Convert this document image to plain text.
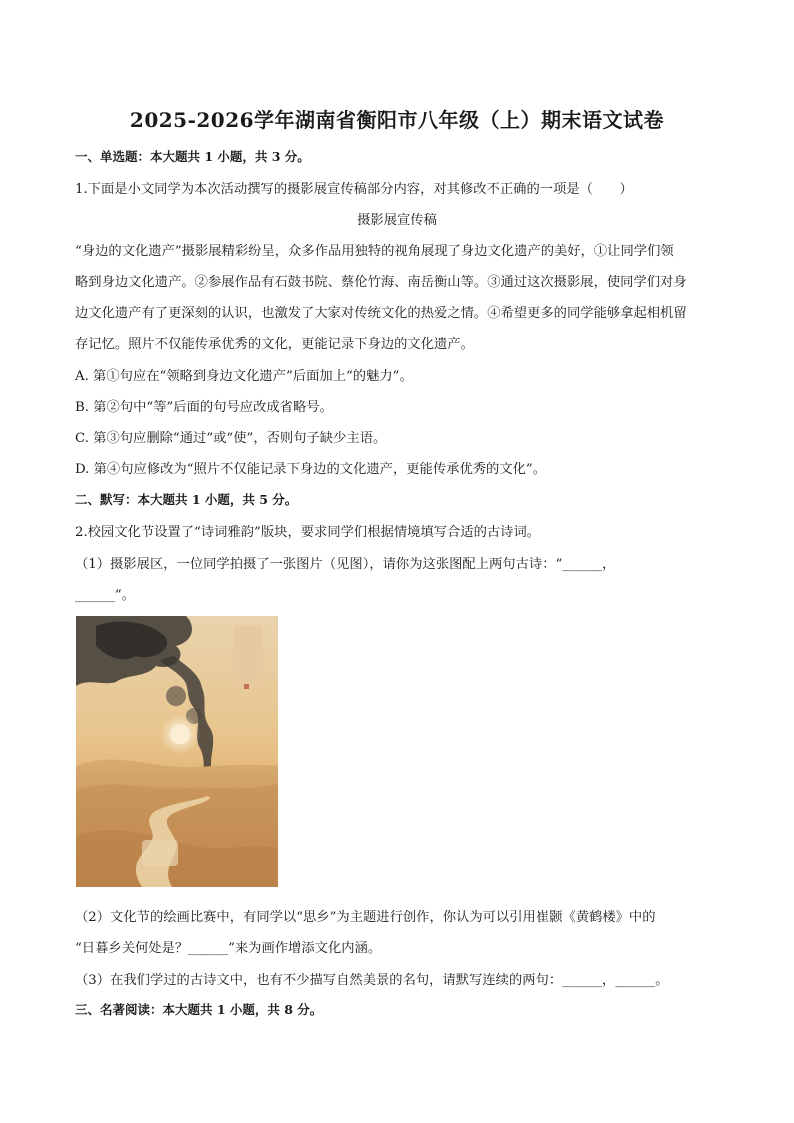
2025-2026学年湖南省衡阳市八年级（上）期末语文试卷
一、单选题：本大题共 1 小题，共 3 分。
1.下面是小文同学为本次活动撰写的摄影展宣传稿部分内容，对其修改不正确的一项是（　　）
摄影展宣传稿
“身边的文化遗产”摄影展精彩纷呈，众多作品用独特的视角展现了身边文化遗产的美好，①让同学们领
略到身边文化遗产。②参展作品有石鼓书院、蔡伦竹海、南岳衡山等。③通过这次摄影展，使同学们对身
边文化遗产有了更深刻的认识，也激发了大家对传统文化的热爱之情。④希望更多的同学能够拿起相机留
存记忆。照片不仅能传承优秀的文化，更能记录下身边的文化遗产。
A. 第①句应在“领略到身边文化遗产”后面加上“的魅力”。
B. 第②句中“等”后面的句号应改成省略号。
C. 第③句应删除“通过”或“使”，否则句子缺少主语。
D. 第④句应修改为“照片不仅能记录下身边的文化遗产，更能传承优秀的文化”。
二、默写：本大题共 1 小题，共 5 分。
2.校园文化节设置了“诗词雅韵”版块，要求同学们根据情境填写合适的古诗词。
（1）摄影展区，一位同学拍摄了一张图片（见图），请你为这张图配上两句古诗：“______，
______”。
（2）文化节的绘画比赛中，有同学以“思乡”为主题进行创作，你认为可以引用崔颢《黄鹤楼》中的
“日暮乡关何处是？______”来为画作增添文化内涵。
（3）在我们学过的古诗文中，也有不少描写自然美景的名句，请默写连续的两句：______，______。
三、名著阅读：本大题共 1 小题，共 8 分。
